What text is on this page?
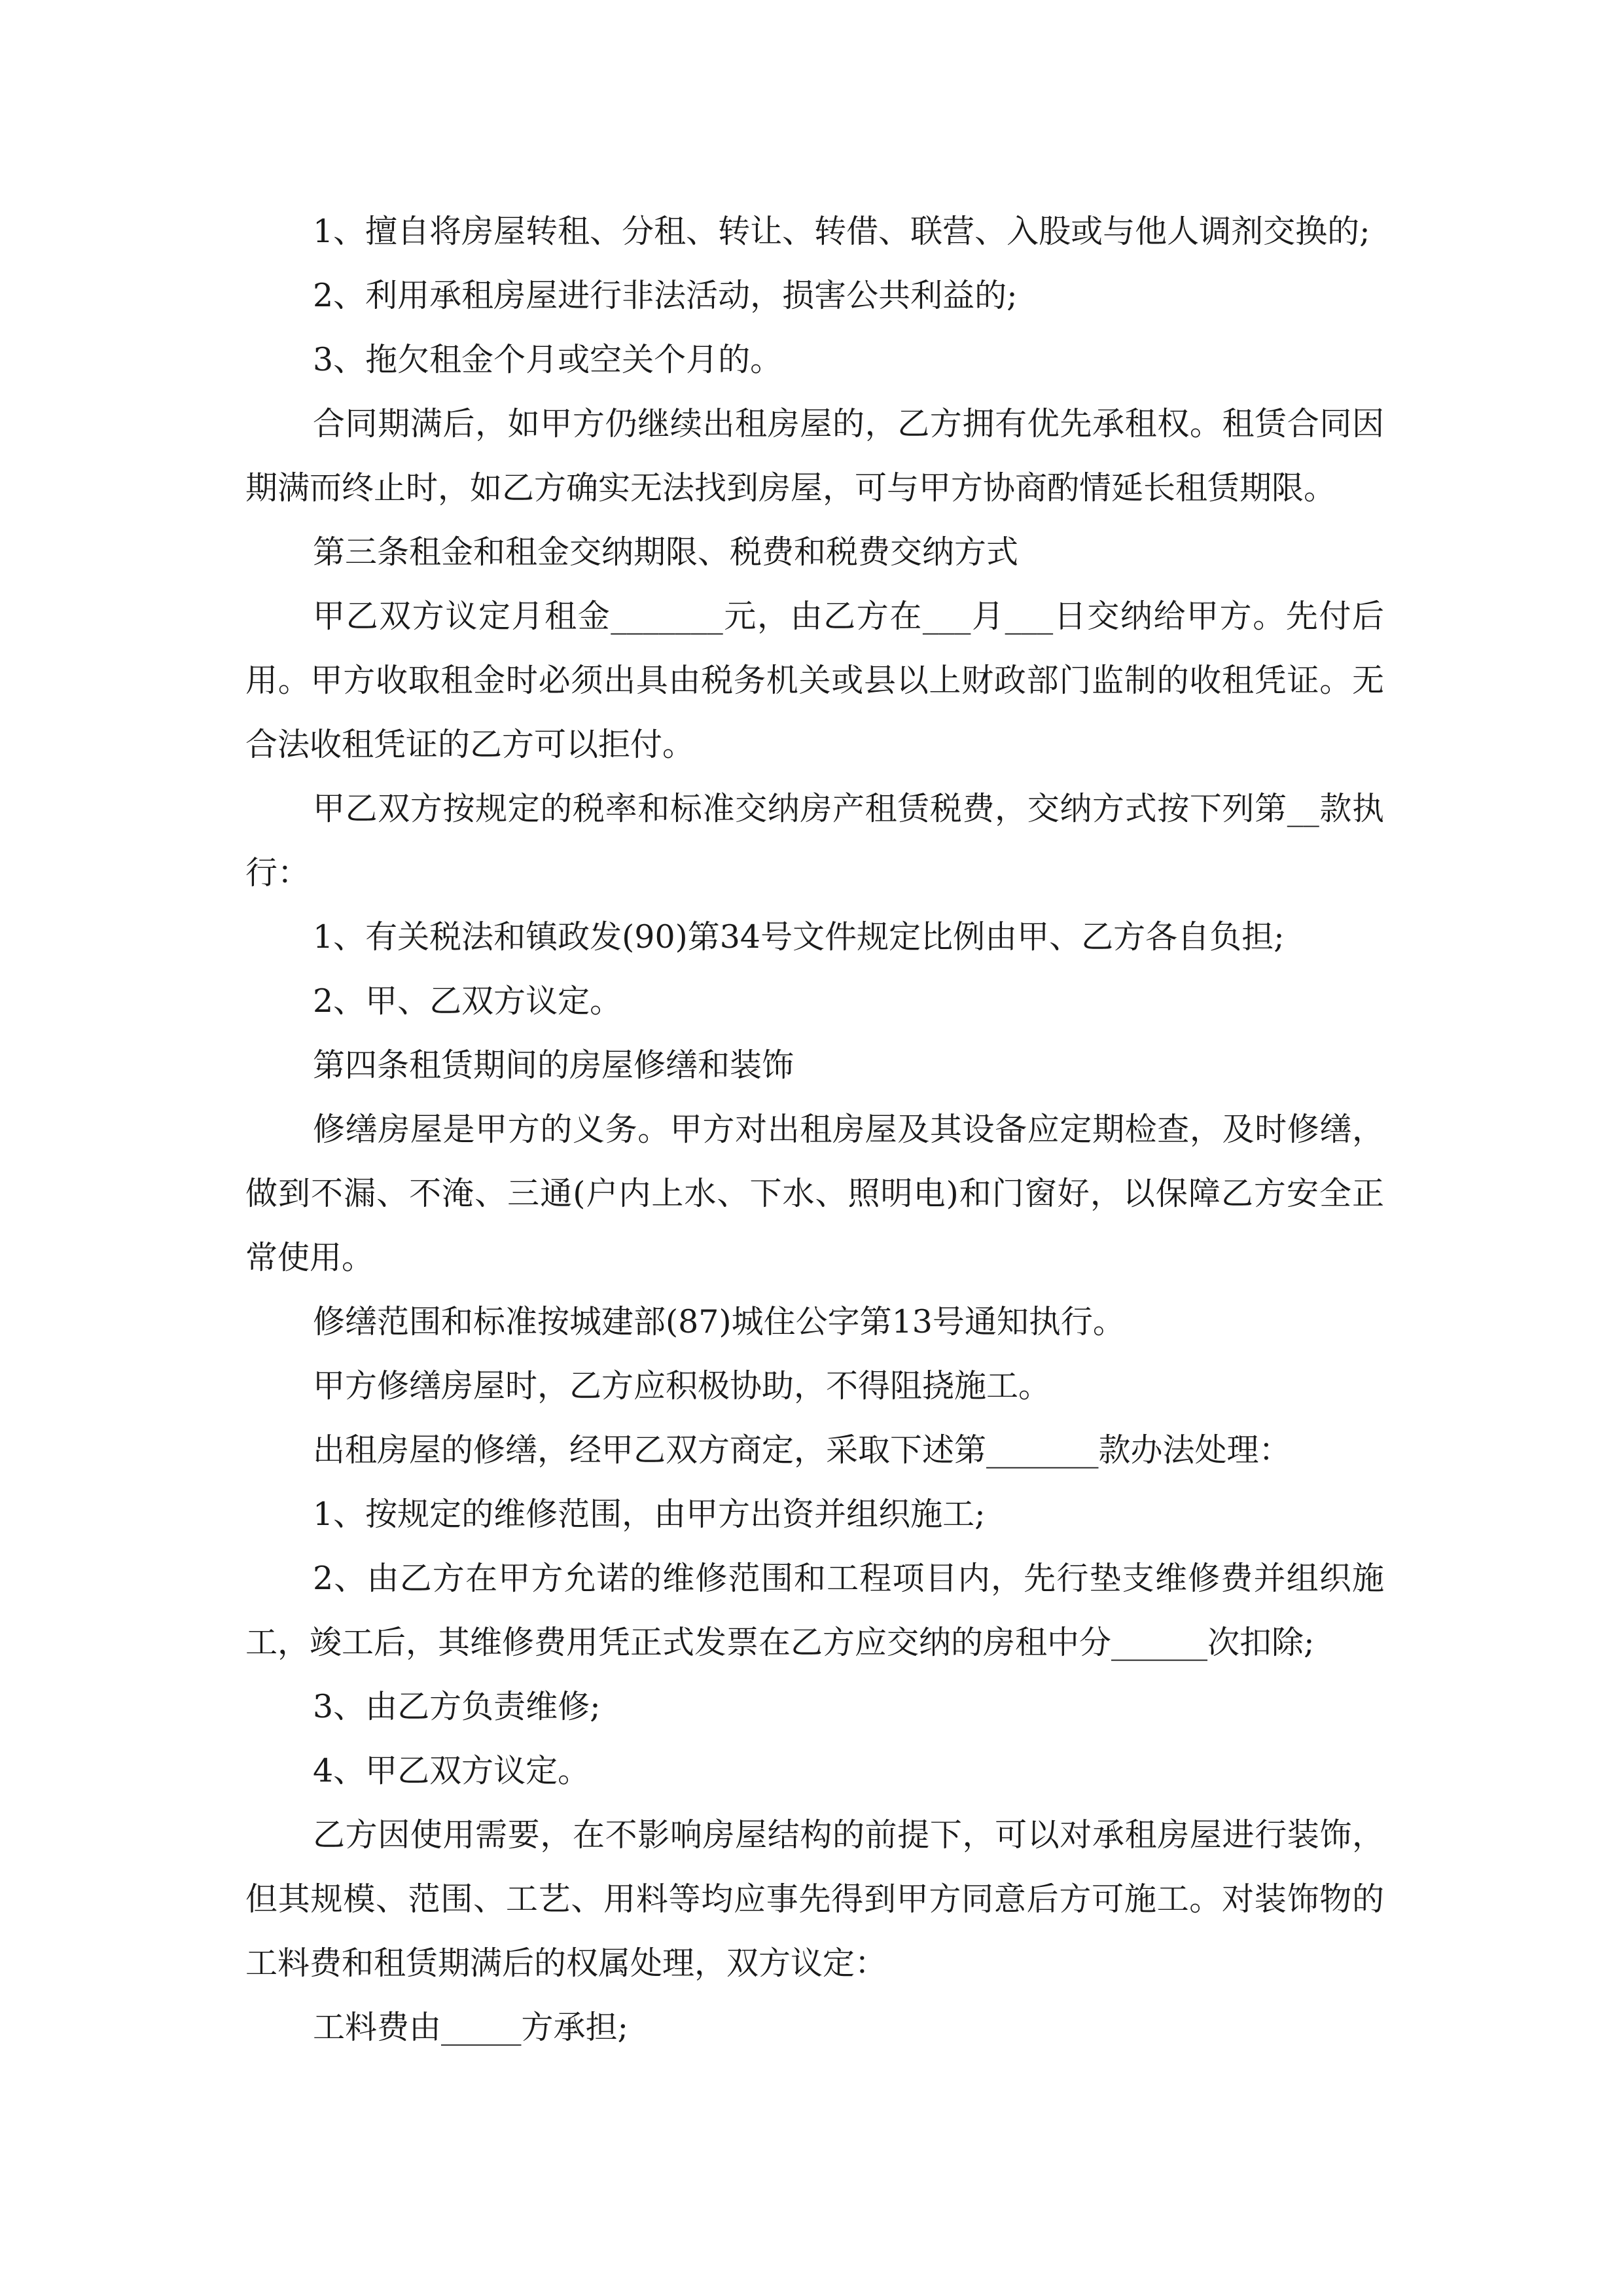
1、擅自将房屋转租、分租、转让、转借、联营、入股或与他人调剂交换的;

2、利用承租房屋进行非法活动，损害公共利益的;

3、拖欠租金个月或空关个月的。

合同期满后，如甲方仍继续出租房屋的，乙方拥有优先承租权。租赁合同因期满而终止时，如乙方确实无法找到房屋，可与甲方协商酌情延长租赁期限。

第三条租金和租金交纳期限、税费和税费交纳方式

甲乙双方议定月租金_______元，由乙方在___月___日交纳给甲方。先付后用。甲方收取租金时必须出具由税务机关或县以上财政部门监制的收租凭证。无合法收租凭证的乙方可以拒付。

甲乙双方按规定的税率和标准交纳房产租赁税费，交纳方式按下列第__款执行：

1、有关税法和镇政发(90)第34号文件规定比例由甲、乙方各自负担;

2、甲、乙双方议定。

第四条租赁期间的房屋修缮和装饰

修缮房屋是甲方的义务。甲方对出租房屋及其设备应定期检查，及时修缮，做到不漏、不淹、三通(户内上水、下水、照明电)和门窗好，以保障乙方安全正常使用。

修缮范围和标准按城建部(87)城住公字第13号通知执行。

甲方修缮房屋时，乙方应积极协助，不得阻挠施工。

出租房屋的修缮，经甲乙双方商定，采取下述第_______款办法处理：

1、按规定的维修范围，由甲方出资并组织施工;

2、由乙方在甲方允诺的维修范围和工程项目内，先行垫支维修费并组织施工，竣工后，其维修费用凭正式发票在乙方应交纳的房租中分______次扣除;

3、由乙方负责维修;

4、甲乙双方议定。

乙方因使用需要，在不影响房屋结构的前提下，可以对承租房屋进行装饰，但其规模、范围、工艺、用料等均应事先得到甲方同意后方可施工。对装饰物的工料费和租赁期满后的权属处理，双方议定：

工料费由_____方承担;
